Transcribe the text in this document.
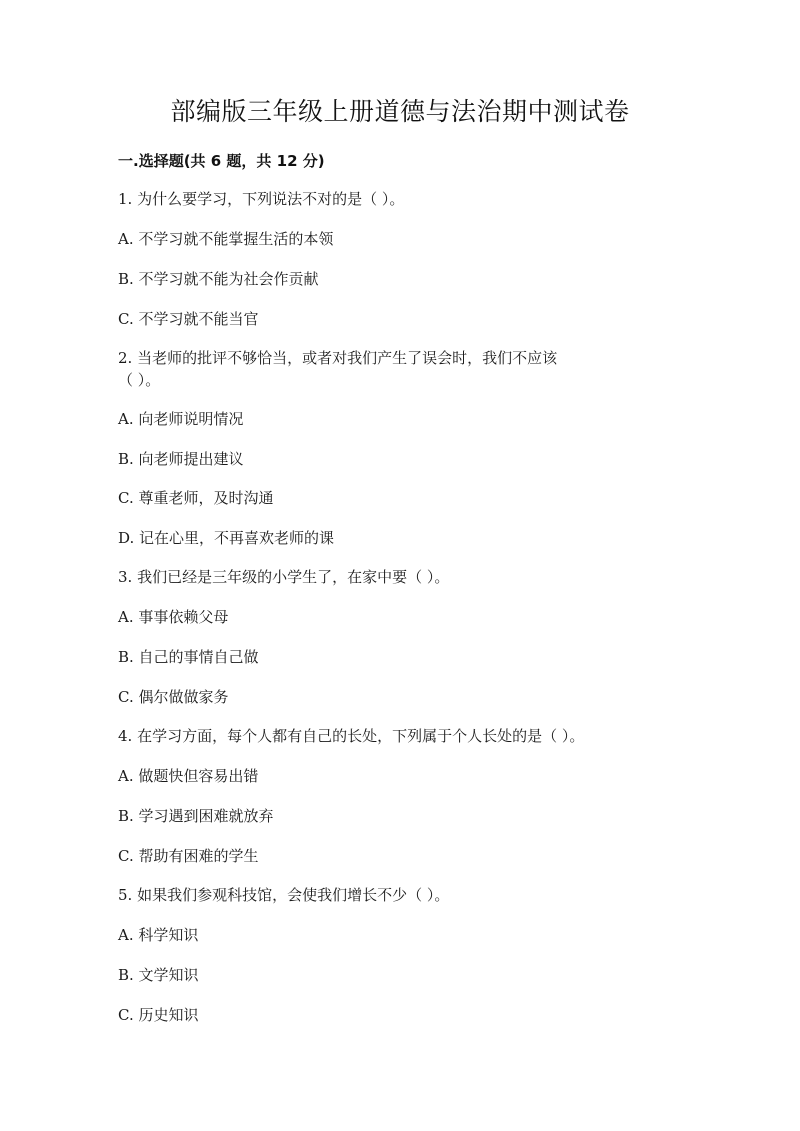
部编版三年级上册道德与法治期中测试卷
一.选择题(共 6 题，共 12 分)
1. 为什么要学习，下列说法不对的是（ ）。
A. 不学习就不能掌握生活的本领
B. 不学习就不能为社会作贡献
C. 不学习就不能当官
2. 当老师的批评不够恰当，或者对我们产生了误会时，我们不应该
（ ）。
A. 向老师说明情况
B. 向老师提出建议
C. 尊重老师，及时沟通
D. 记在心里，不再喜欢老师的课
3. 我们已经是三年级的小学生了，在家中要（ ）。
A. 事事依赖父母
B. 自己的事情自己做
C. 偶尔做做家务
4. 在学习方面，每个人都有自己的长处，下列属于个人长处的是（ ）。
A. 做题快但容易出错
B. 学习遇到困难就放弃
C. 帮助有困难的学生
5. 如果我们参观科技馆，会使我们增长不少（ ）。
A. 科学知识
B. 文学知识
C. 历史知识
